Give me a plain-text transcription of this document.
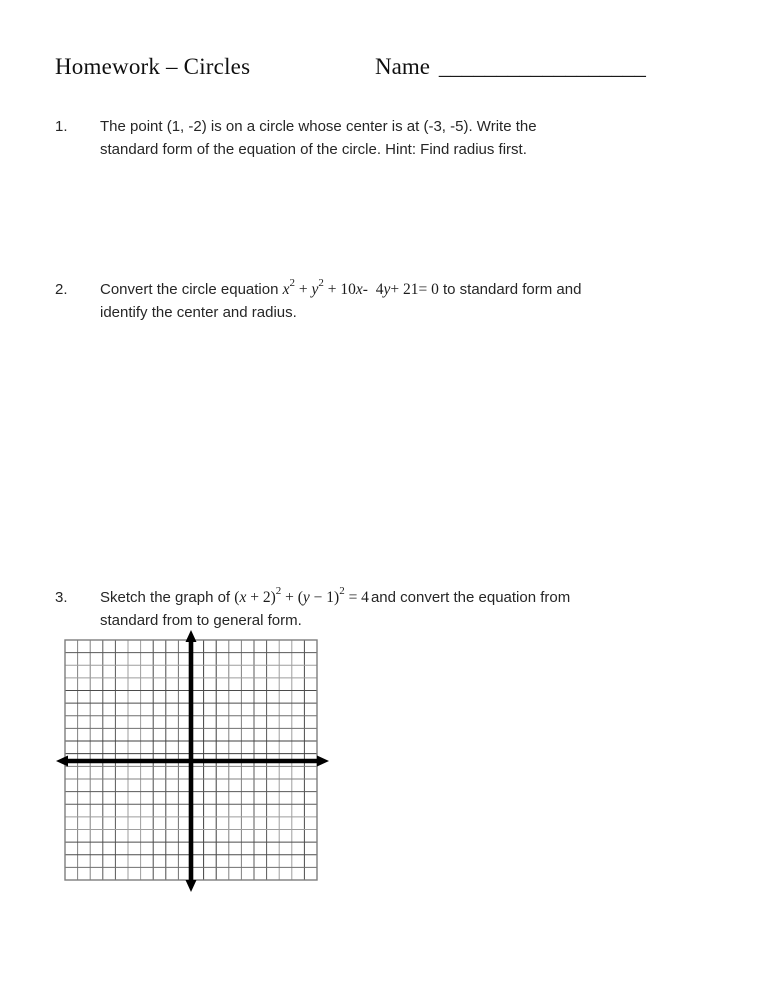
Homework – Circles	Name __________________
1.	The point (1, -2) is on a circle whose center is at (-3, -5). Write the
standard form of the equation of the circle. Hint: Find radius first.
2.	Convert the circle equation $x^2 + y^2 + 10x-$  4y+ 21= 0 to standard form and
identify the center and radius.
3.	Sketch the graph of $(x + 2)^2 + (y - 1)^2 = 4$ and convert the equation from
standard from to general form.
